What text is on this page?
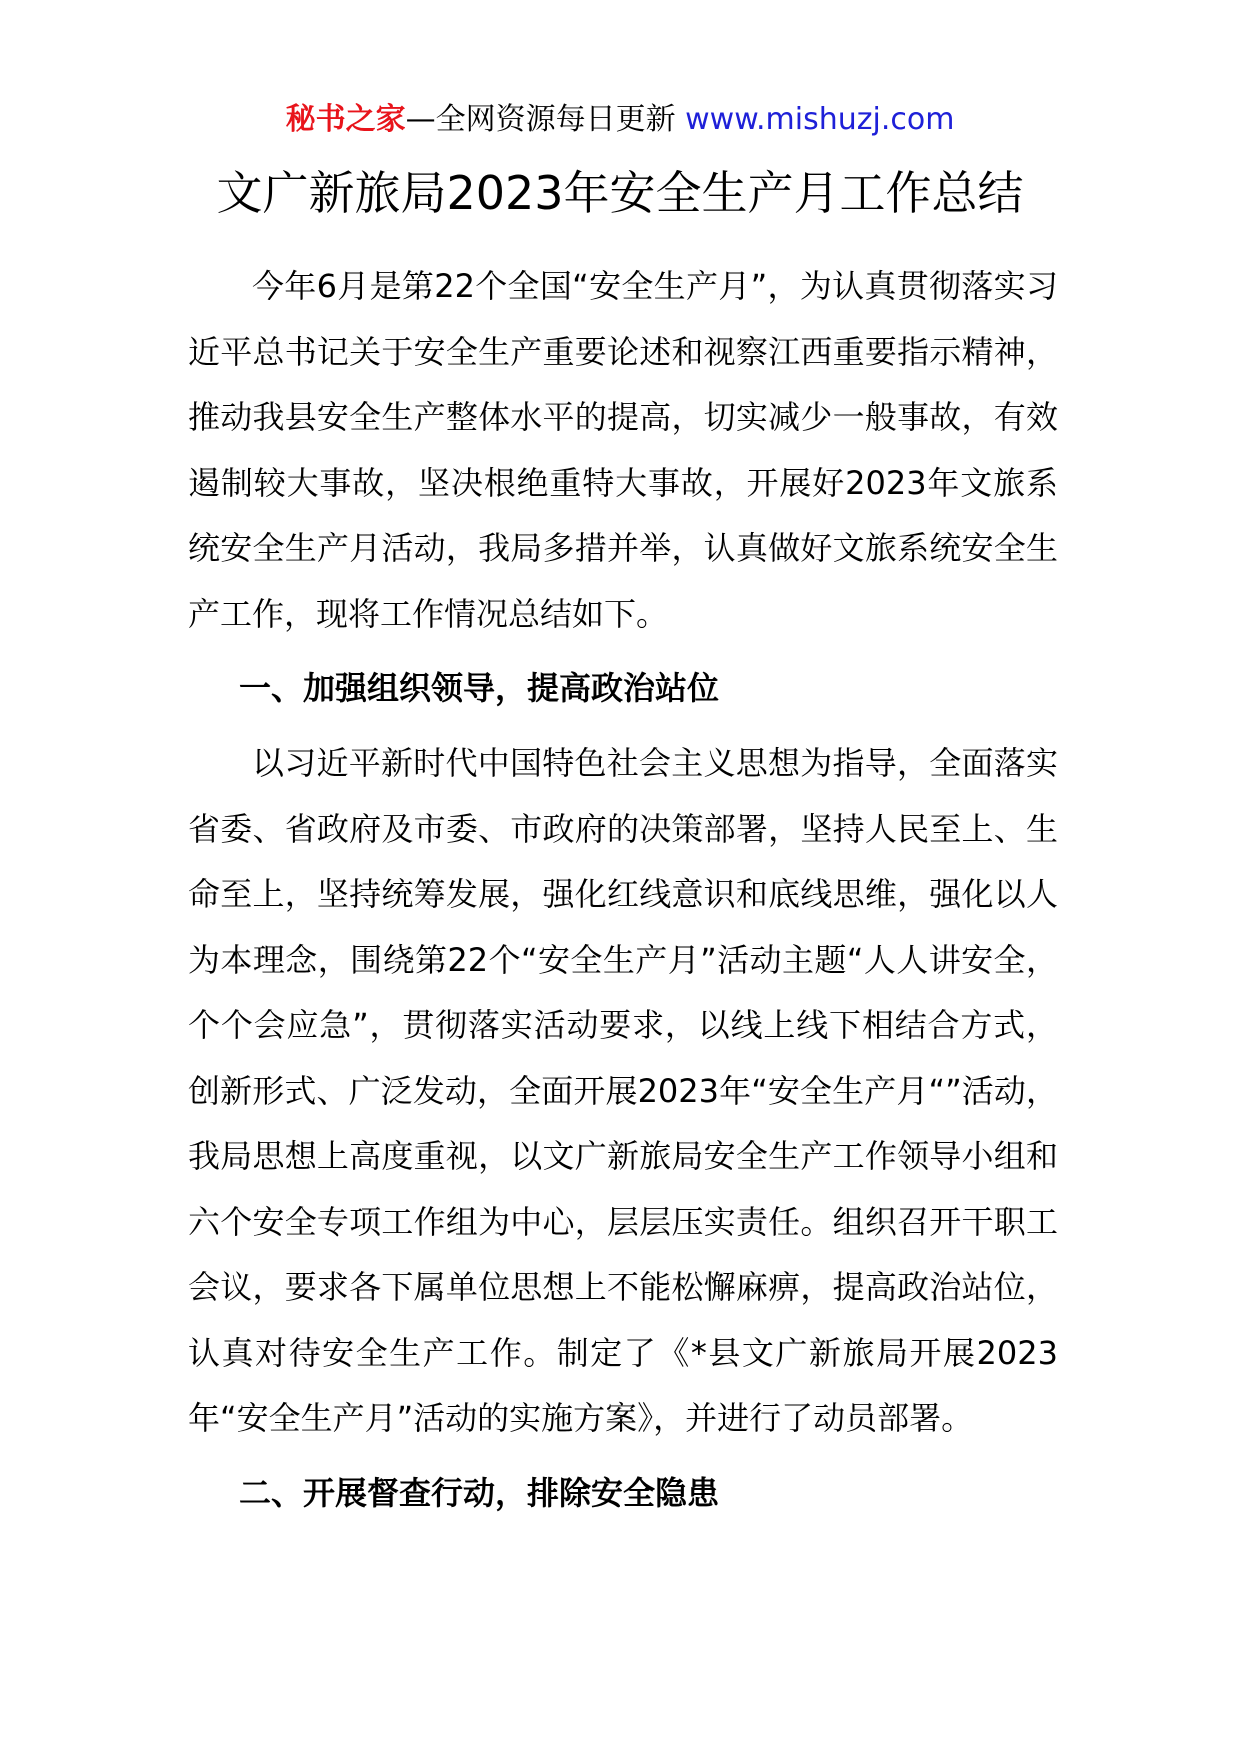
秘书之家—全网资源每日更新 www.mishuzj.com
文广新旅局2023年安全生产月工作总结

今年6月是第22个全国“安全生产月”，为认真贯彻落实习近平总书记关于安全生产重要论述和视察江西重要指示精神，推动我县安全生产整体水平的提高，切实减少一般事故，有效遏制较大事故，坚决根绝重特大事故，开展好2023年文旅系统安全生产月活动，我局多措并举，认真做好文旅系统安全生产工作，现将工作情况总结如下。

一、加强组织领导，提高政治站位

以习近平新时代中国特色社会主义思想为指导，全面落实省委、省政府及市委、市政府的决策部署，坚持人民至上、生命至上，坚持统筹发展，强化红线意识和底线思维，强化以人为本理念，围绕第22个“安全生产月”活动主题“人人讲安全，个个会应急”，贯彻落实活动要求，以线上线下相结合方式，创新形式、广泛发动，全面开展2023年“安全生产月“”活动，我局思想上高度重视，以文广新旅局安全生产工作领导小组和六个安全专项工作组为中心，层层压实责任。组织召开干职工会议，要求各下属单位思想上不能松懈麻痹，提高政治站位，认真对待安全生产工作。制定了《*县文广新旅局开展2023年“安全生产月”活动的实施方案》，并进行了动员部署。

二、开展督查行动，排除安全隐患
